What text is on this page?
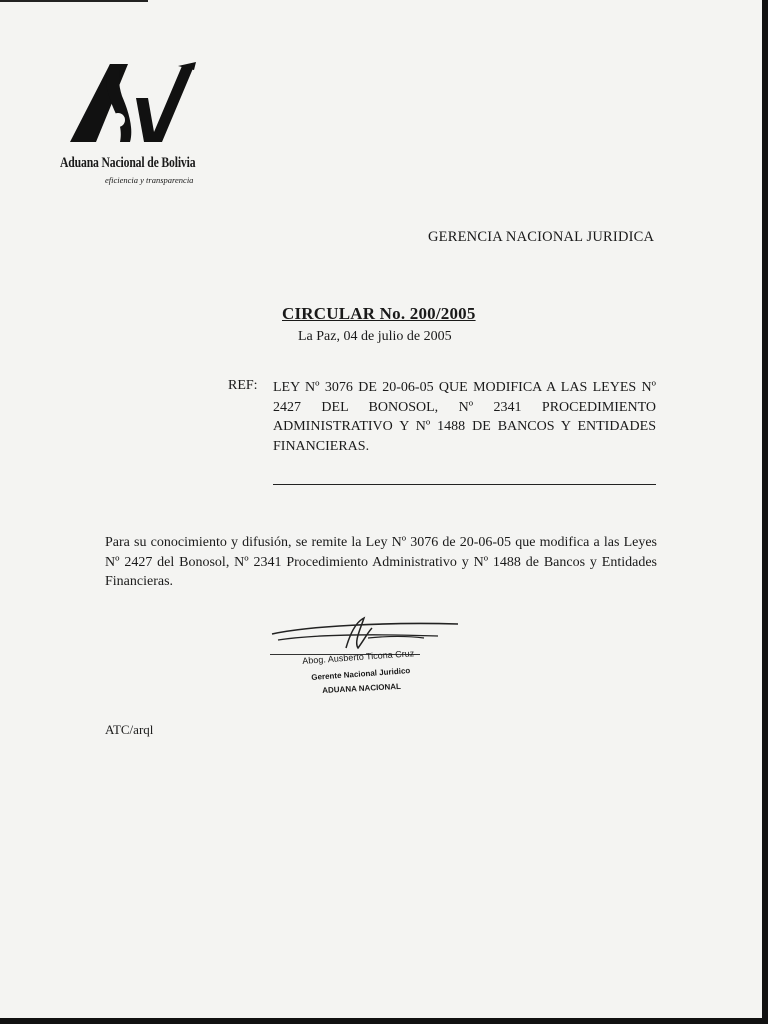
Aduana Nacional de Bolivia
eficiencia y transparencia
GERENCIA NACIONAL JURIDICA
CIRCULAR No. 200/2005
La Paz, 04 de julio de 2005
REF: LEY Nº 3076 DE 20-06-05 QUE MODIFICA A LAS LEYES Nº 2427 DEL BONOSOL, Nº 2341 PROCEDIMIENTO ADMINISTRATIVO Y Nº 1488 DE BANCOS Y ENTIDADES FINANCIERAS.
Para su conocimiento y difusión, se remite la Ley Nº 3076 de 20-06-05 que modifica a las Leyes Nº 2427 del Bonosol, Nº 2341 Procedimiento Administrativo y Nº 1488 de Bancos y Entidades Financieras.
Abog. Ausberto Ticona Cruz
Gerente Nacional Juridico
ADUANA NACIONAL
ATC/arql
